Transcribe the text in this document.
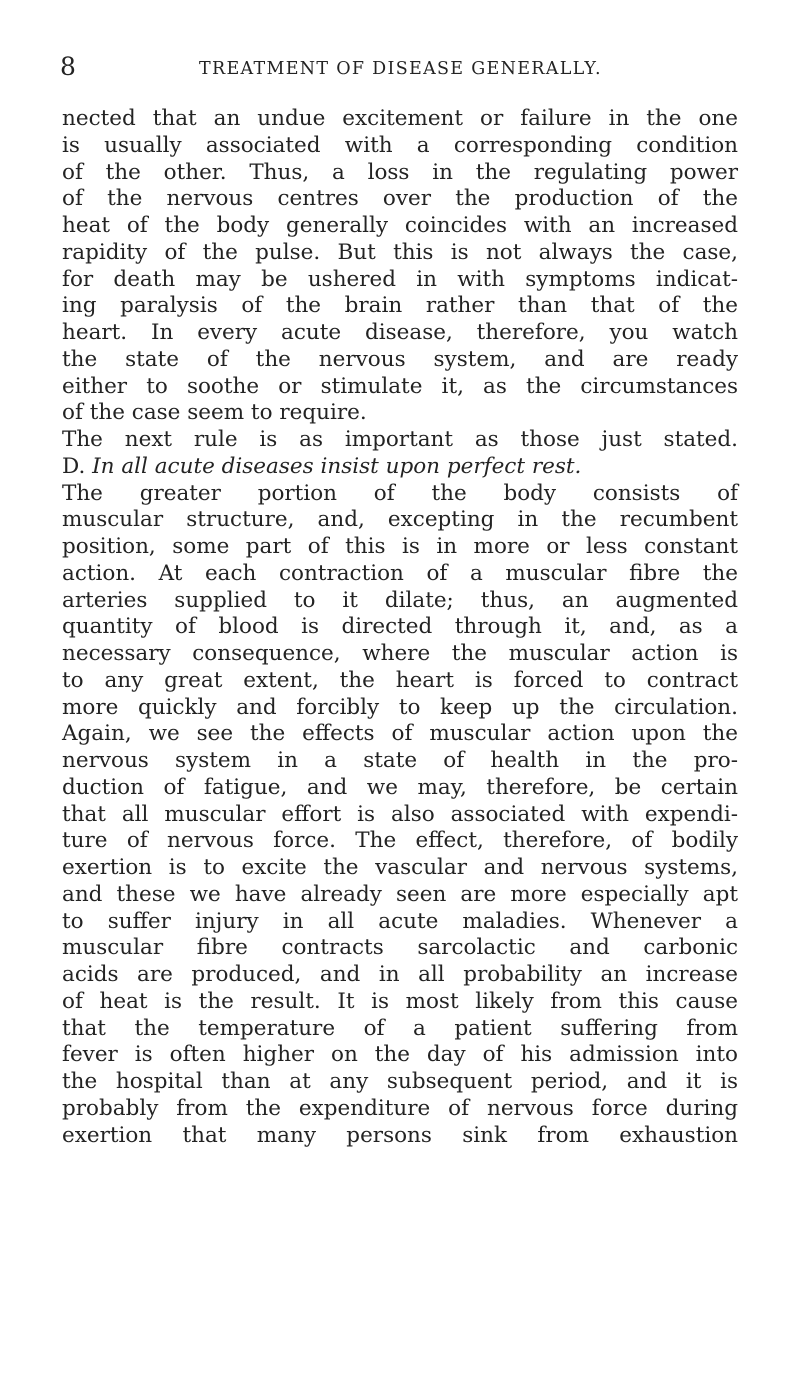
8	TREATMENT OF DISEASE GENERALLY.
nected that an undue excitement or failure in the one
is usually associated with a corresponding condition
of the other. Thus, a loss in the regulating power
of the nervous centres over the production of the
heat of the body generally coincides with an increased
rapidity of the pulse. But this is not always the case,
for death may be ushered in with symptoms indicat-
ing paralysis of the brain rather than that of the
heart. In every acute disease, therefore, you watch
the state of the nervous system, and are ready
either to soothe or stimulate it, as the circumstances
of the case seem to require.
The next rule is as important as those just stated.
D. In all acute diseases insist upon perfect rest.
The greater portion of the body consists of
muscular structure, and, excepting in the recumbent
position, some part of this is in more or less constant
action. At each contraction of a muscular fibre the
arteries supplied to it dilate; thus, an augmented
quantity of blood is directed through it, and, as a
necessary consequence, where the muscular action is
to any great extent, the heart is forced to contract
more quickly and forcibly to keep up the circulation.
Again, we see the effects of muscular action upon the
nervous system in a state of health in the pro-
duction of fatigue, and we may, therefore, be certain
that all muscular effort is also associated with expendi-
ture of nervous force. The effect, therefore, of bodily
exertion is to excite the vascular and nervous systems,
and these we have already seen are more especially apt
to suffer injury in all acute maladies. Whenever a
muscular fibre contracts sarcolactic and carbonic
acids are produced, and in all probability an increase
of heat is the result. It is most likely from this cause
that the temperature of a patient suffering from
fever is often higher on the day of his admission into
the hospital than at any subsequent period, and it is
probably from the expenditure of nervous force during
exertion that many persons sink from exhaustion
